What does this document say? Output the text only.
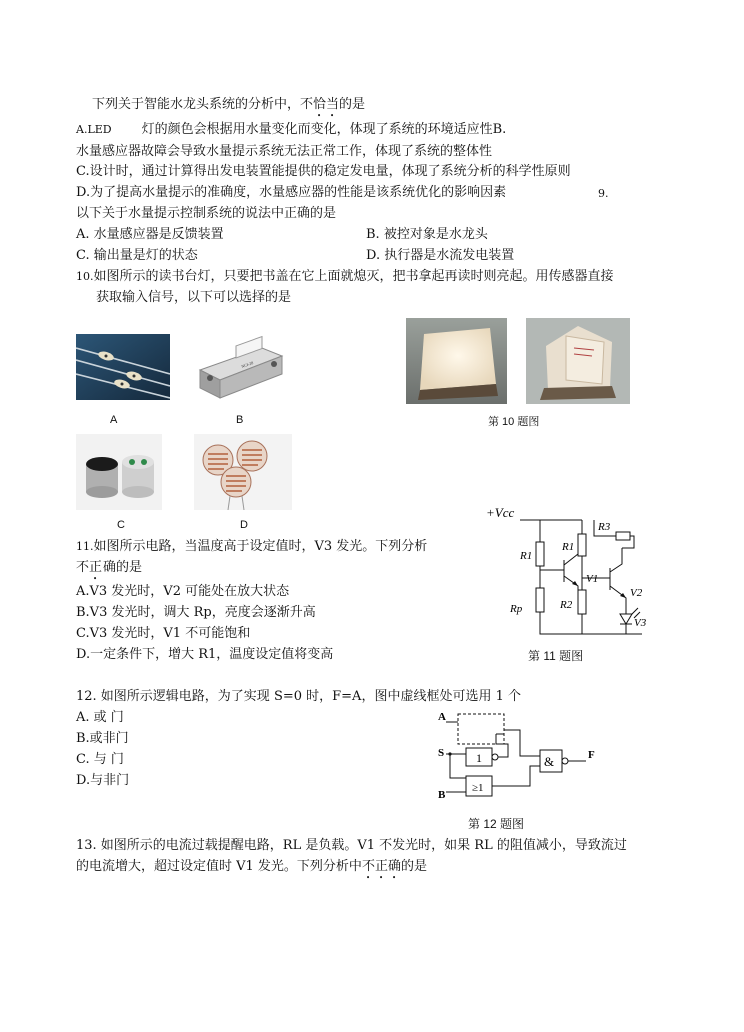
下列关于智能水龙头系统的分析中，不恰当的是
A.LED 灯的颜色会根据用水量变化而变化，体现了系统的环境适应性B.
水量感应器故障会导致水量提示系统无法正常工作，体现了系统的整体性
C.设计时，通过计算得出发电装置能提供的稳定发电量，体现了系统分析的科学性原则
D.为了提高水量提示的准确度，水量感应器的性能是该系统优化的影响因素	9.
以下关于水量提示控制系统的说法中正确的是
A. 水量感应器是反馈装置	B. 被控对象是水龙头
C. 输出量是灯的状态	D. 执行器是水流发电装置
10.如图所示的读书台灯，只要把书盖在它上面就熄灭，把书拿起再读时则亮起。用传感器直接
获取输入信号，以下可以选择的是
A
NCI-28
B	第 10 题图
C	D
11.如图所示电路，当温度高于设定值时，V3 发光。下列分析
不正确的是
A.V3 发光时，V2 可能处在放大状态
B.V3 发光时，调大 Rp，亮度会逐渐升高
C.V3 发光时，V1 不可能饱和
D.一定条件下，增大 R1，温度设定值将变高
+Vcc
R1
R1
R3
V1
V2
V3
Rp	R2
第 11 题图
12. 如图所示逻辑电路，为了实现 S=0 时，F=A，图中虚线框处可选用 1 个
A. 或 门
B.或非门
C. 与 门
D.与非门
A
S
B
F
1	&
≥1
第 12 题图
13. 如图所示的电流过载提醒电路，RL 是负载。V1 不发光时，如果 RL 的阻值减小，导致流过
的电流增大，超过设定值时 V1 发光。下列分析中不正确的是
